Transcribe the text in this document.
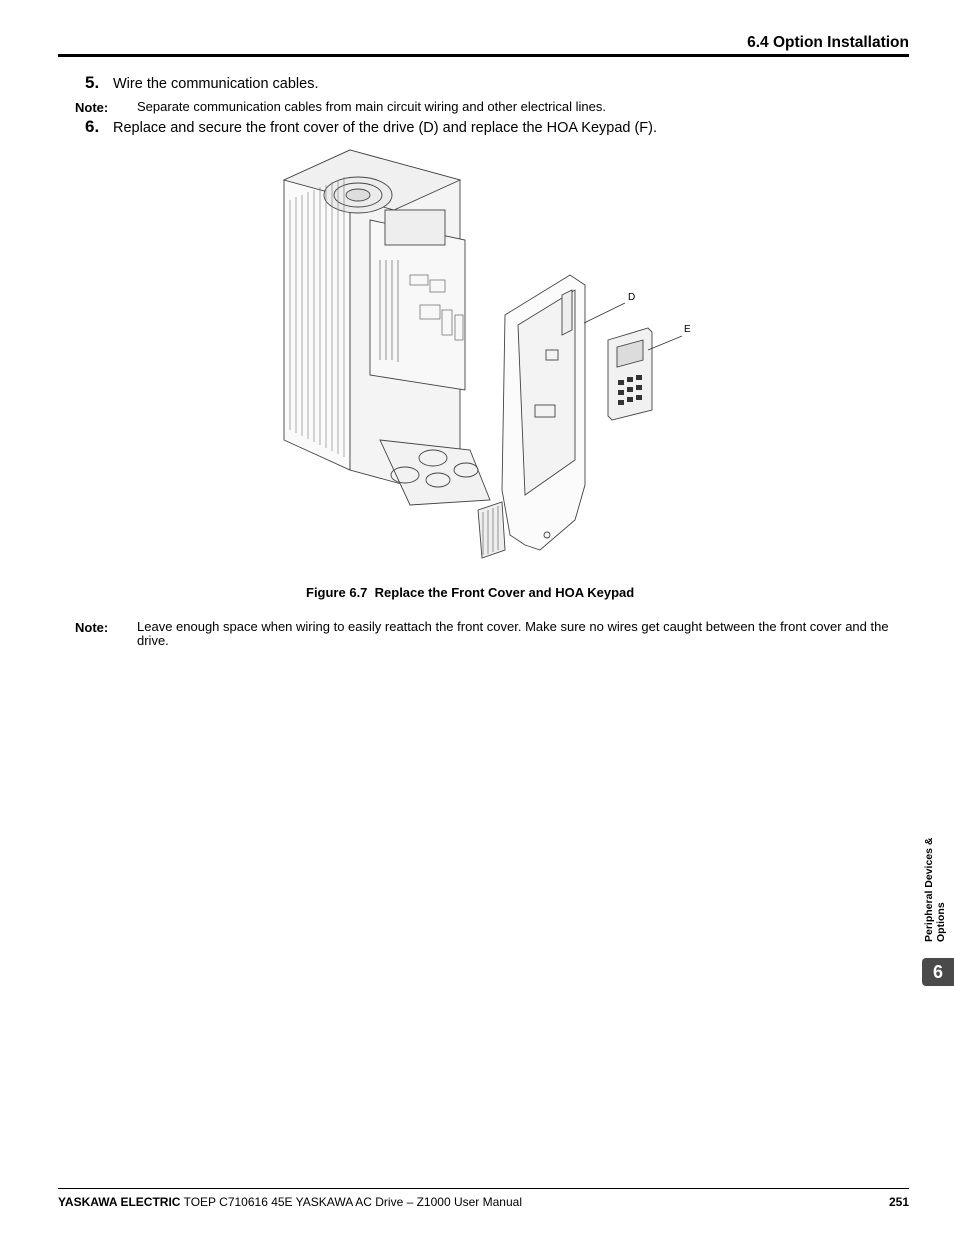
6.4 Option Installation
5. Wire the communication cables.
Note: Separate communication cables from main circuit wiring and other electrical lines.
6. Replace and secure the front cover of the drive (D) and replace the HOA Keypad (F).
D
E
Figure 6.7  Replace the Front Cover and HOA Keypad
Note: Leave enough space when wiring to easily reattach the front cover. Make sure no wires get caught between the front cover and the drive.
Peripheral Devices & Options
6
YASKAWA ELECTRIC TOEP C710616 45E YASKAWA AC Drive – Z1000 User Manual	251
